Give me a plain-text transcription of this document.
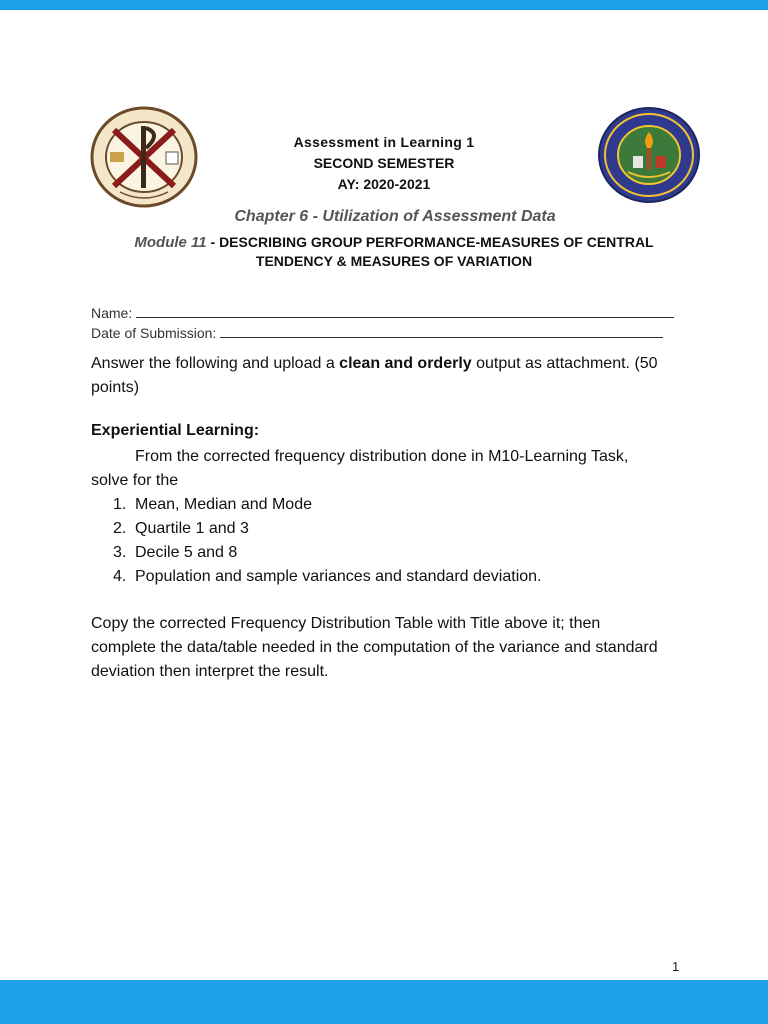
Assessment in Learning 1
SECOND SEMESTER
AY: 2020-2021
Chapter 6 - Utilization of Assessment Data
Module 11 - DESCRIBING GROUP PERFORMANCE-MEASURES OF CENTRAL TENDENCY & MEASURES OF VARIATION
Name:
Date of Submission:
Answer the following and upload a clean and orderly output as attachment. (50 points)
Experiential Learning:
From the corrected frequency distribution done in M10-Learning Task, solve for the
1. Mean, Median and Mode
2. Quartile 1 and 3
3. Decile 5 and 8
4. Population and sample variances and standard deviation.
Copy the corrected Frequency Distribution Table with Title above it; then complete the data/table needed in the computation of the variance and standard deviation then interpret the result.
1
